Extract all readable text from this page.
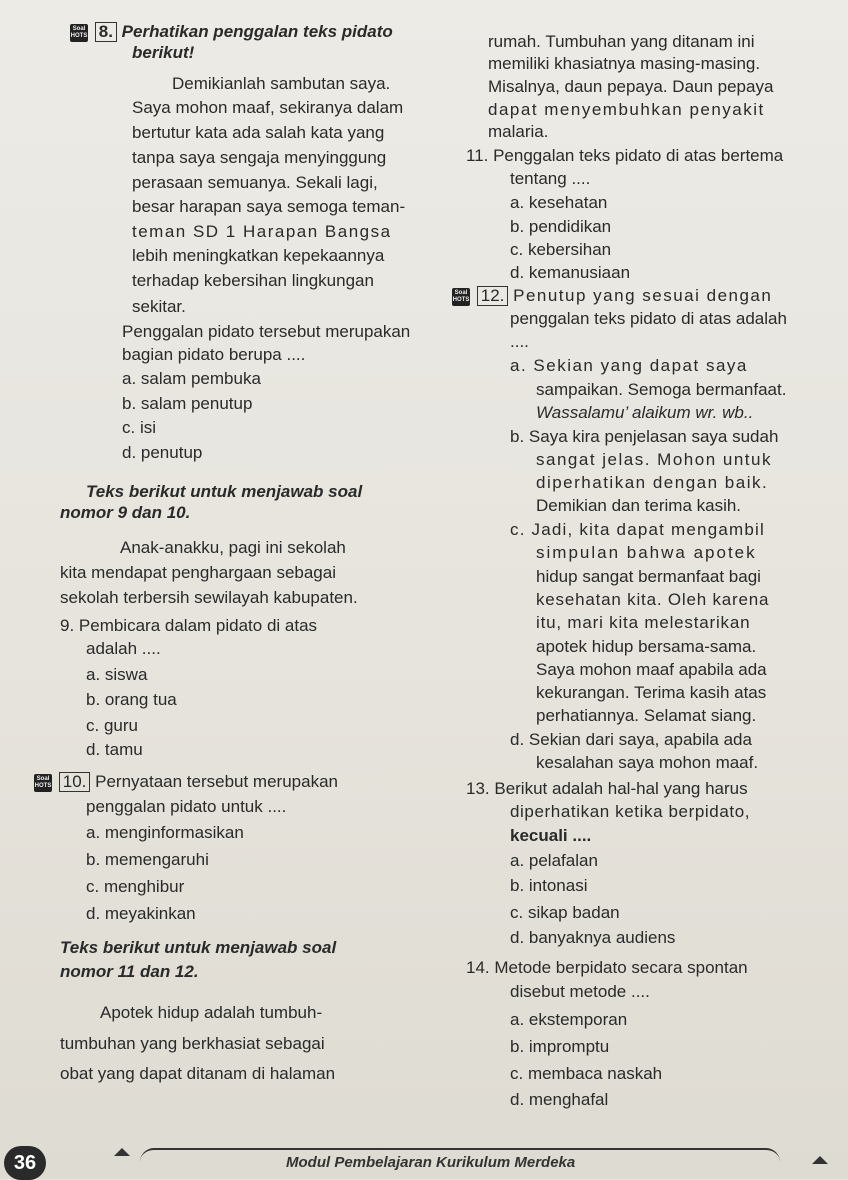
Soal
HOTS 8. Perhatikan penggalan teks pidato
berikut!
Demikianlah sambutan saya.
Saya mohon maaf, sekiranya dalam
bertutur kata ada salah kata yang
tanpa saya sengaja menyinggung
perasaan semuanya. Sekali lagi,
besar harapan saya semoga teman-
teman SD 1 Harapan Bangsa
lebih meningkatkan kepekaannya
terhadap kebersihan lingkungan
sekitar.
Penggalan pidato tersebut merupakan
bagian pidato berupa ....
a. salam pembuka
b. salam penutup
c. isi
d. penutup
Teks berikut untuk menjawab soal
nomor 9 dan 10.
Anak-anakku, pagi ini sekolah
kita mendapat penghargaan sebagai
sekolah terbersih sewilayah kabupaten.
9. Pembicara dalam pidato di atas
adalah ....
a. siswa
b. orang tua
c. guru
d. tamu
Soal
HOTS 10. Pernyataan tersebut merupakan
penggalan pidato untuk ....
a. menginformasikan
b. memengaruhi
c. menghibur
d. meyakinkan
Teks berikut untuk menjawab soal
nomor 11 dan 12.
Apotek hidup adalah tumbuh-
tumbuhan yang berkhasiat sebagai
obat yang dapat ditanam di halaman
rumah. Tumbuhan yang ditanam ini
memiliki khasiatnya masing-masing.
Misalnya, daun pepaya. Daun pepaya
dapat menyembuhkan penyakit
malaria.
11. Penggalan teks pidato di atas bertema
tentang ....
a. kesehatan
b. pendidikan
c. kebersihan
d. kemanusiaan
Soal
HOTS 12. Penutup yang sesuai dengan
penggalan teks pidato di atas adalah
....
a. Sekian yang dapat saya
sampaikan. Semoga bermanfaat.
Wassalamu’ alaikum wr. wb..
b. Saya kira penjelasan saya sudah
sangat jelas. Mohon untuk
diperhatikan dengan baik.
Demikian dan terima kasih.
c. Jadi, kita dapat mengambil
simpulan bahwa apotek
hidup sangat bermanfaat bagi
kesehatan kita. Oleh karena
itu, mari kita melestarikan
apotek hidup bersama-sama.
Saya mohon maaf apabila ada
kekurangan. Terima kasih atas
perhatiannya. Selamat siang.
d. Sekian dari saya, apabila ada
kesalahan saya mohon maaf.
13. Berikut adalah hal-hal yang harus
diperhatikan ketika berpidato,
kecuali ....
a. pelafalan
b. intonasi
c. sikap badan
d. banyaknya audiens
14. Metode berpidato secara spontan
disebut metode ....
a. ekstemporan
b. impromptu
c. membaca naskah
d. menghafal
36	Modul Pembelajaran Kurikulum Merdeka
